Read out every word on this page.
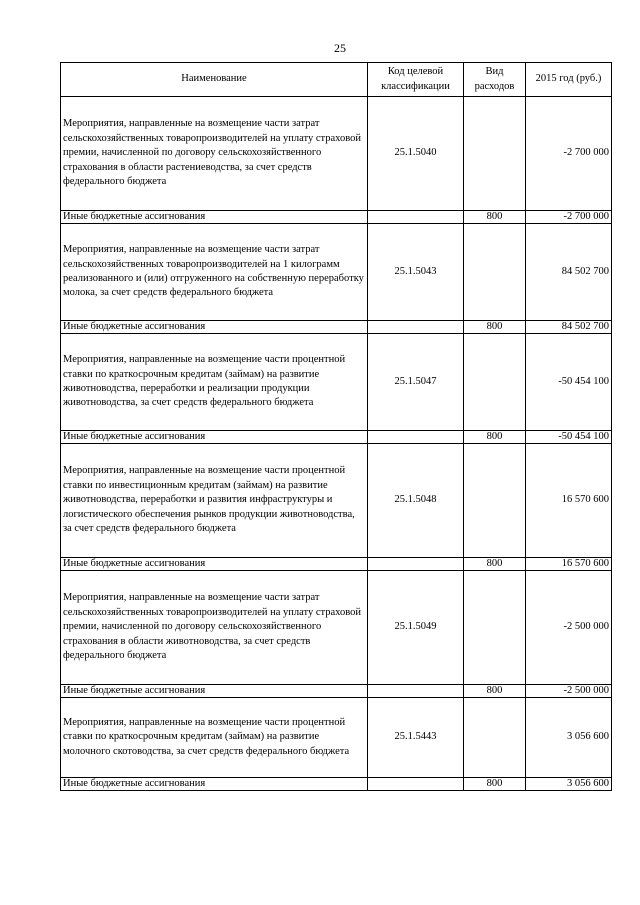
25
Наименование	Код целевой классификации	Вид расходов	2015 год (руб.)
Мероприятия, направленные на возмещение части затрат сельскохозяйственных товаропроизводителей на уплату страховой премии, начисленной по договору сельскохозяйственного страхования в области растениеводства, за счет средств федерального бюджета	25.1.5040		-2 700 000
Иные бюджетные ассигнования		800	-2 700 000
Мероприятия, направленные на возмещение части затрат сельскохозяйственных товаропроизводителей на 1 килограмм реализованного и (или) отгруженного на собственную переработку молока, за счет средств федерального бюджета	25.1.5043		84 502 700
Иные бюджетные ассигнования		800	84 502 700
Мероприятия, направленные на возмещение части процентной ставки по краткосрочным кредитам (займам) на развитие животноводства, переработки и реализации продукции животноводства, за счет средств федерального бюджета	25.1.5047		-50 454 100
Иные бюджетные ассигнования		800	-50 454 100
Мероприятия, направленные на возмещение части процентной ставки по инвестиционным кредитам (займам) на развитие животноводства, переработки и развития инфраструктуры и логистического обеспечения рынков продукции животноводства, за счет средств федерального бюджета	25.1.5048		16 570 600
Иные бюджетные ассигнования		800	16 570 600
Мероприятия, направленные на возмещение части затрат сельскохозяйственных товаропроизводителей на уплату страховой премии, начисленной по договору сельскохозяйственного страхования в области животноводства, за счет средств федерального бюджета	25.1.5049		-2 500 000
Иные бюджетные ассигнования		800	-2 500 000
Мероприятия, направленные на возмещение части процентной ставки по краткосрочным кредитам (займам) на развитие молочного скотоводства, за счет средств федерального бюджета	25.1.5443		3 056 600
Иные бюджетные ассигнования		800	3 056 600
